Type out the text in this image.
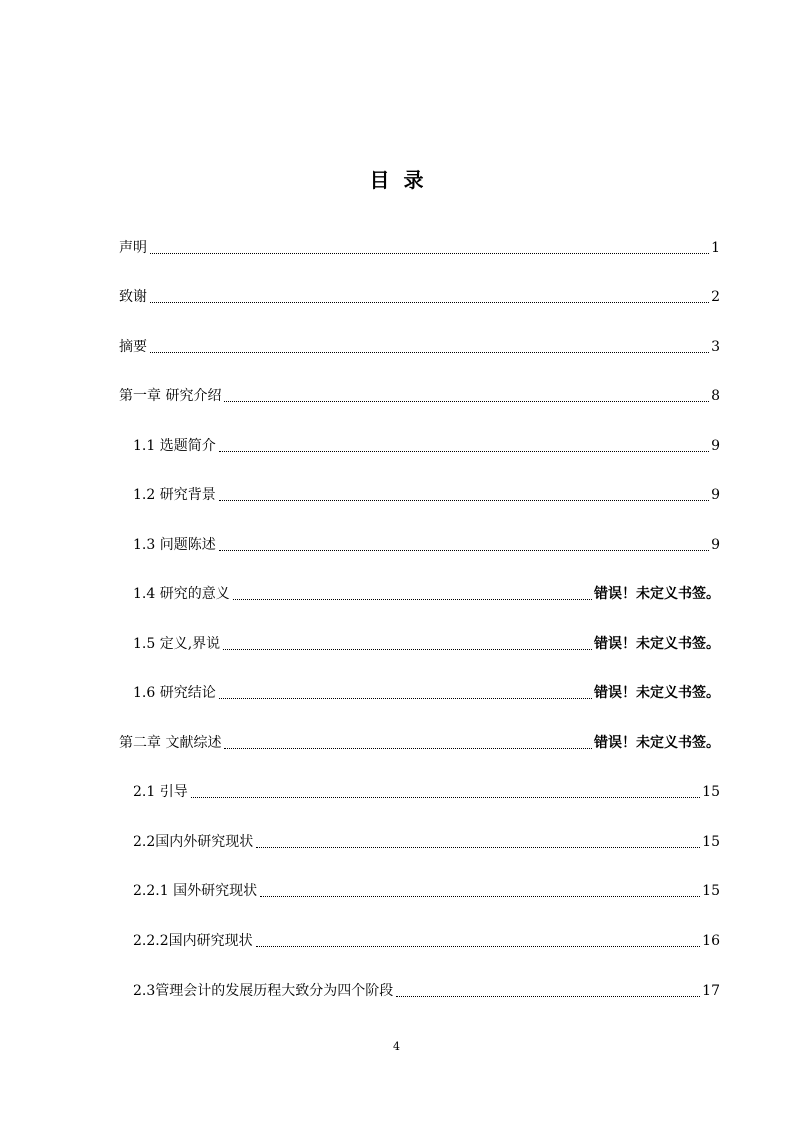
目  录
声明	1
致谢	2
摘要	3
第一章 研究介绍	8
1.1 选题简介	9
1.2 研究背景	9
1.3 问题陈述	9
1.4 研究的意义	错误！未定义书签。
1.5 定义,界说	错误！未定义书签。
1.6 研究结论	错误！未定义书签。
第二章 文献综述	错误！未定义书签。
2.1 引导	15
2.2国内外研究现状	15
2.2.1 国外研究现状	15
2.2.2国内研究现状	16
2.3管理会计的发展历程大致分为四个阶段	17
4
